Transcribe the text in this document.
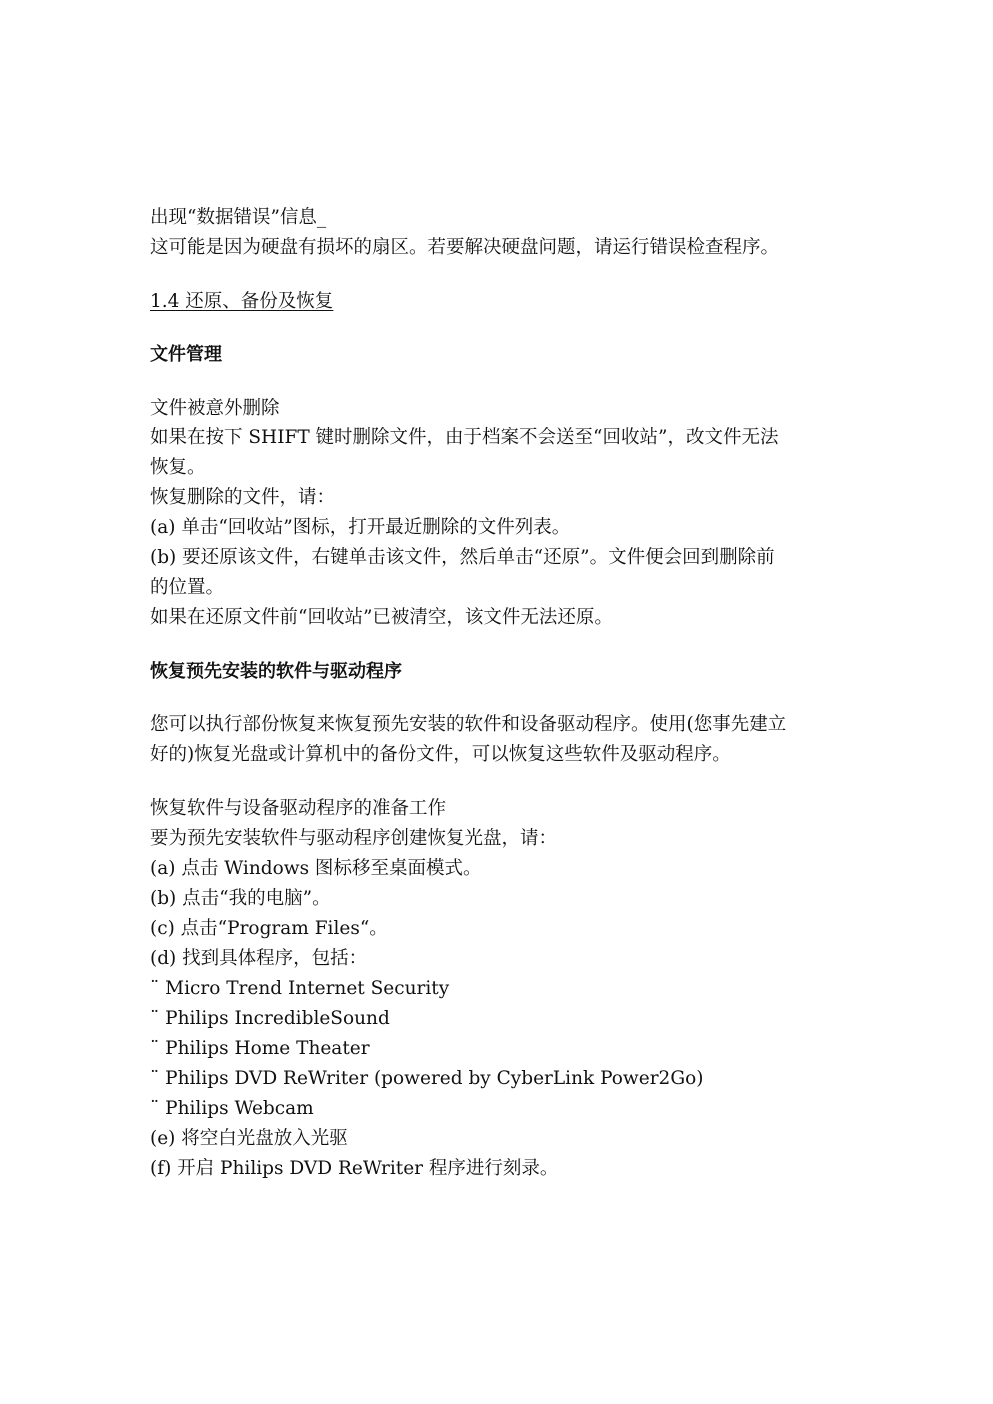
出现“数据错误”信息_
这可能是因为硬盘有损坏的扇区。若要解决硬盘问题，请运行错误检查程序。
1.4 还原、备份及恢复
文件管理
文件被意外删除
如果在按下 SHIFT 键时删除文件，由于档案不会送至“回收站”，改文件无法
恢复。
恢复删除的文件，请：
(a) 单击“回收站”图标，打开最近删除的文件列表。
(b) 要还原该文件，右键单击该文件，然后单击“还原”。文件便会回到删除前
的位置。
如果在还原文件前“回收站”已被清空，该文件无法还原。
恢复预先安装的软件与驱动程序
您可以执行部份恢复来恢复预先安装的软件和设备驱动程序。使用(您事先建立
好的)恢复光盘或计算机中的备份文件，可以恢复这些软件及驱动程序。
恢复软件与设备驱动程序的准备工作
要为预先安装软件与驱动程序创建恢复光盘，请：
(a) 点击 Windows 图标移至桌面模式。
(b) 点击“我的电脑”。
(c) 点击“Program Files“。
(d) 找到具体程序，包括：
¨ Micro Trend Internet Security
¨ Philips IncredibleSound
¨ Philips Home Theater
¨ Philips DVD ReWriter (powered by CyberLink Power2Go)
¨ Philips Webcam
(e) 将空白光盘放入光驱
(f) 开启 Philips DVD ReWriter 程序进行刻录。
